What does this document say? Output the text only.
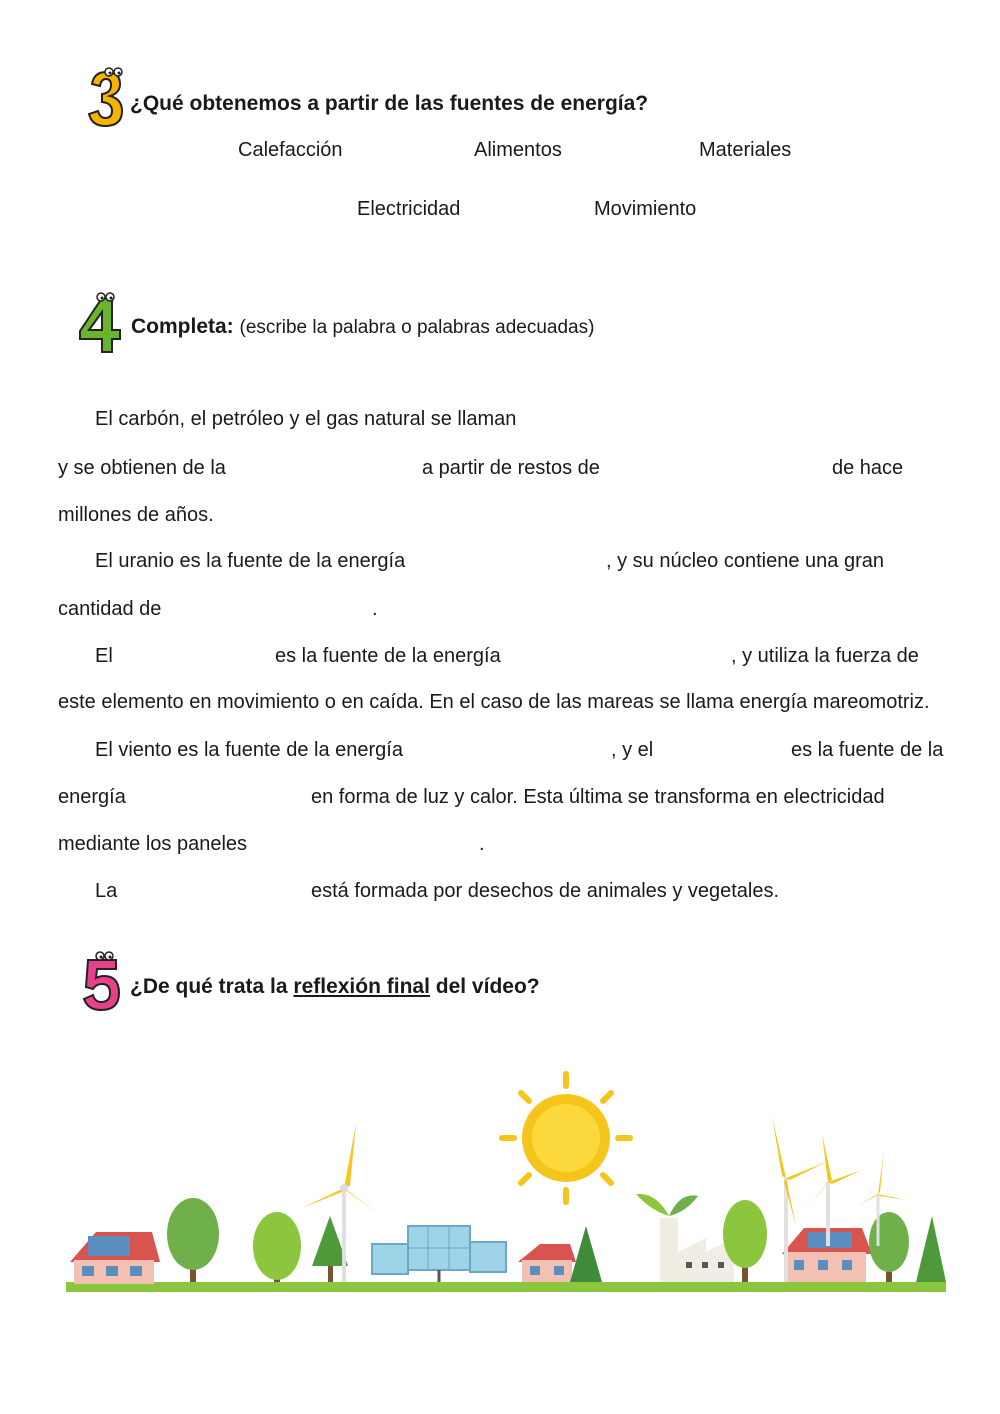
¿Qué obtenemos a partir de las fuentes de energía?
Calefacción	Alimentos	Materiales
Electricidad	Movimiento
Completa: (escribe la palabra o palabras adecuadas)
El carbón, el petróleo y el gas natural se llaman
y se obtienen de la	a partir de restos de	de hace
millones de años.
El uranio es la fuente de la energía	, y su núcleo contiene una gran
cantidad de	.
El	es la fuente de la energía	, y utiliza la fuerza de
este elemento en movimiento o en caída. En el caso de las mareas se llama energía mareomotriz.
El viento es la fuente de la energía	, y el	es la fuente de la
energía	en forma de luz y calor. Esta última se transforma en electricidad
mediante los paneles	.
La	está formada por desechos de animales y vegetales.
¿De qué trata la reflexión final del vídeo?
